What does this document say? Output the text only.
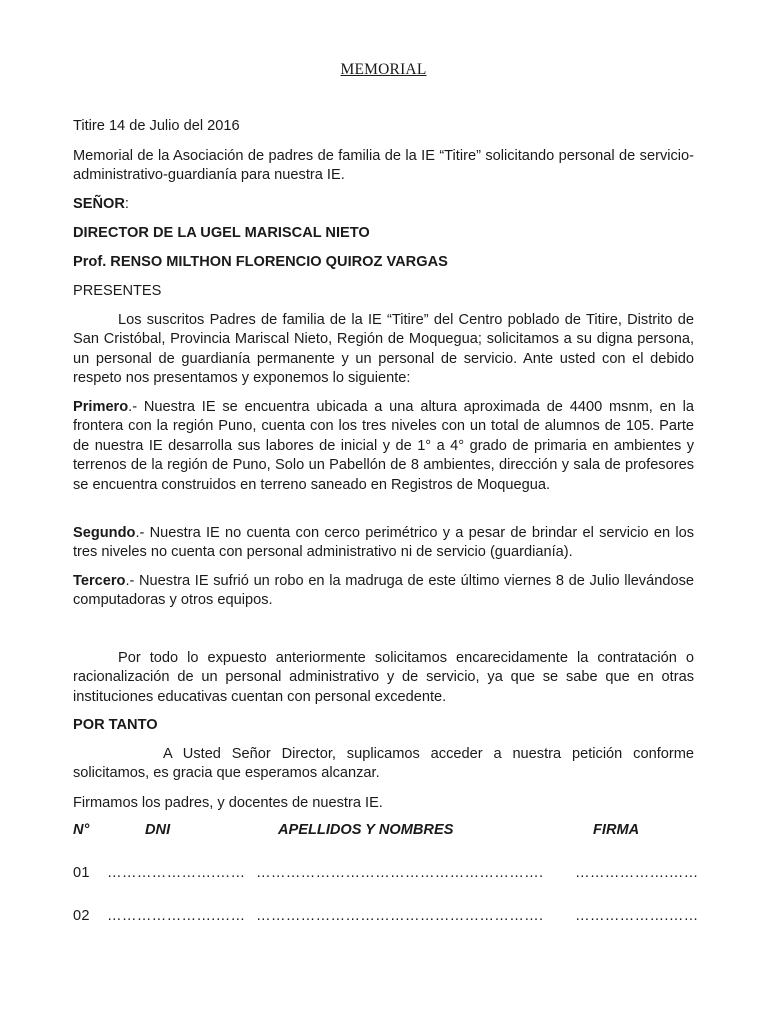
MEMORIAL

Titire 14 de Julio del 2016

Memorial de la Asociación de padres de familia de la IE “Titire” solicitando personal de servicio-administrativo-guardianía para nuestra IE.

SEÑOR:

DIRECTOR DE LA UGEL MARISCAL NIETO

Prof. RENSO MILTHON FLORENCIO QUIROZ VARGAS

PRESENTES

Los suscritos Padres de familia de la IE “Titire” del Centro poblado de Titire, Distrito de San Cristóbal, Provincia Mariscal Nieto, Región de Moquegua; solicitamos a su digna persona, un personal de guardianía permanente y un personal de servicio. Ante usted con el debido respeto nos presentamos y exponemos lo siguiente:

Primero.- Nuestra IE se encuentra ubicada a una altura aproximada de 4400 msnm, en la frontera con la región Puno, cuenta con los tres niveles con un total de alumnos de 105. Parte de nuestra IE desarrolla sus labores de inicial y de 1° a 4° grado de primaria en ambientes y terrenos de la región de Puno, Solo un Pabellón de 8 ambientes, dirección y sala de profesores se encuentra construidos en terreno saneado en Registros de Moquegua.

Segundo.- Nuestra IE no cuenta con cerco perimétrico y a pesar de brindar el servicio en los tres niveles no cuenta con personal administrativo ni de servicio (guardianía).

Tercero.- Nuestra IE sufrió un robo en la madruga de este último viernes 8 de Julio llevándose computadoras y otros equipos.

Por todo lo expuesto anteriormente solicitamos encarecidamente la contratación o racionalización de un personal administrativo y de servicio, ya que se sabe que en otras instituciones educativas cuentan con personal excedente.

POR TANTO

A Usted Señor Director, suplicamos acceder a nuestra petición conforme solicitamos, es gracia que esperamos alcanzar.

Firmamos los padres, y docentes de nuestra IE.

N°	DNI	APELLIDOS Y NOMBRES	FIRMA
01 ………………….…… …………………………………………………. ……………….……
02 ………………….…… …………………………………………………. ……………….……
